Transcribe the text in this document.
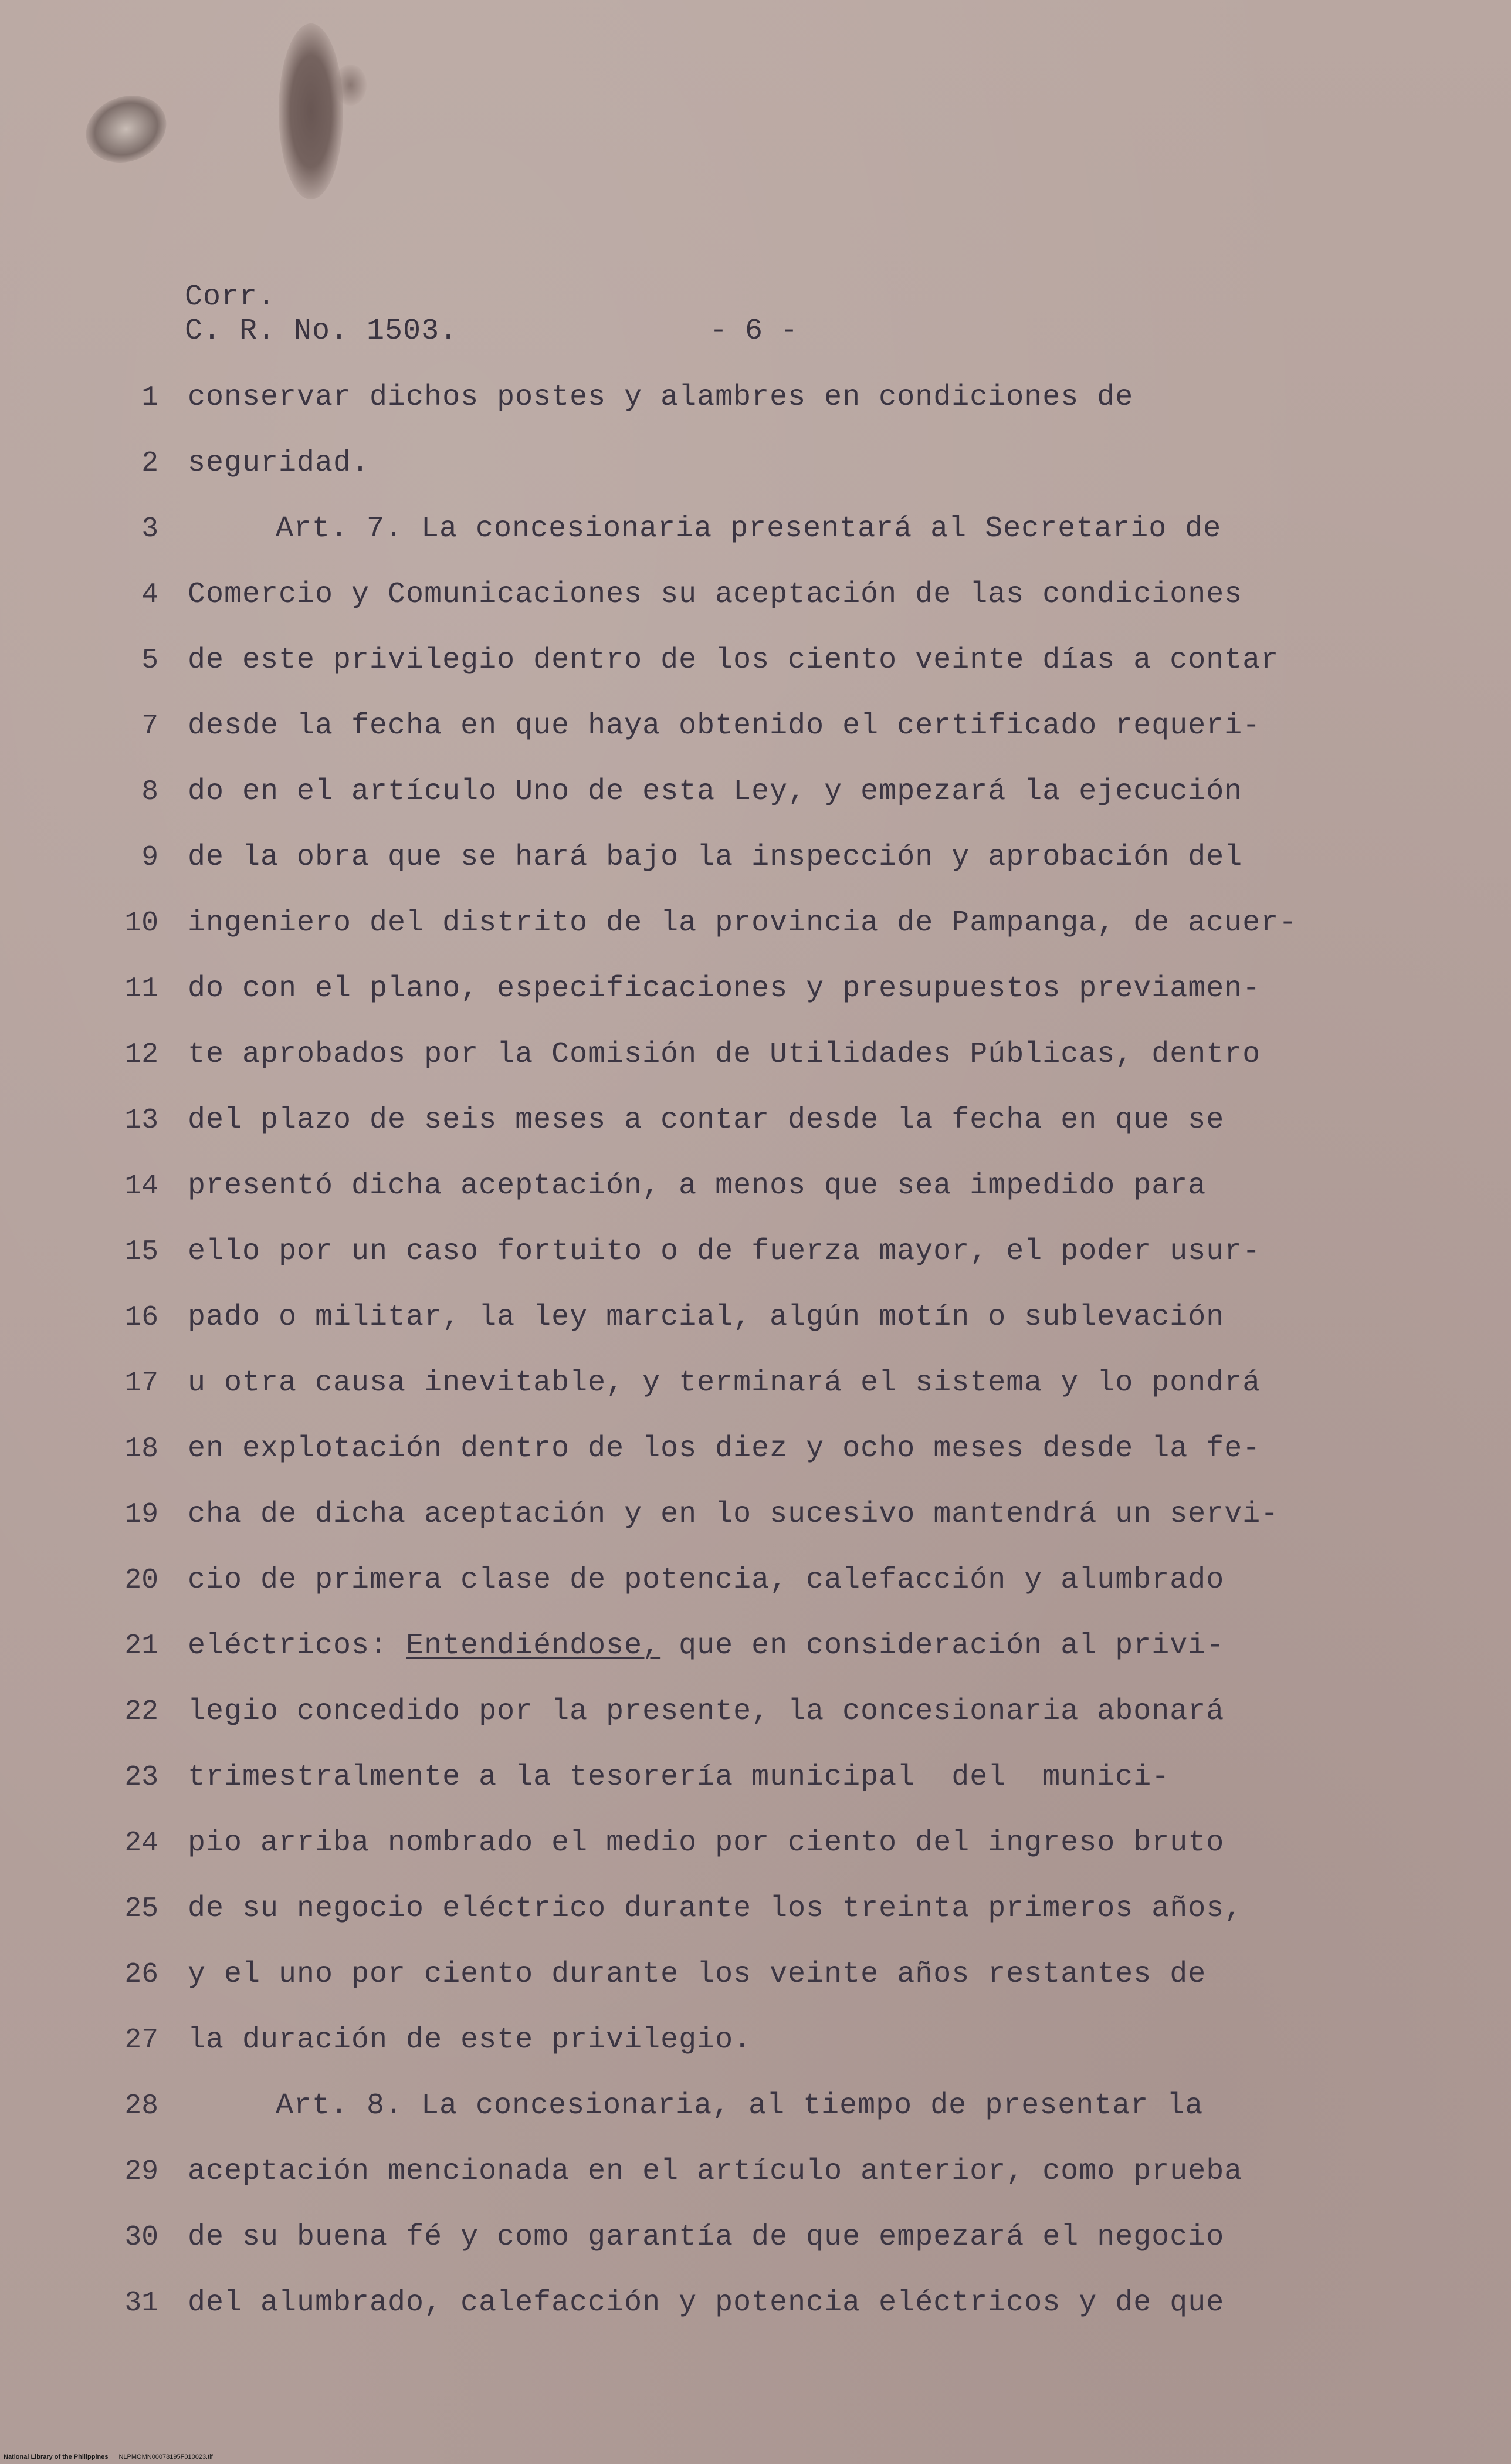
Corr.
C. R. No. 1503.	- 6 -
1 conservar dichos postes y alambres en condiciones de
2 seguridad.
3	Art. 7. La concesionaria presentará al Secretario de
4 Comercio y Comunicaciones su aceptación de las condiciones
5 de este privilegio dentro de los ciento veinte días a contar
7 desde la fecha en que haya obtenido el certificado requeri-
8 do en el artículo Uno de esta Ley, y empezará la ejecución
9 de la obra que se hará bajo la inspección y aprobación del
10 ingeniero del distrito de la provincia de Pampanga, de acuer-
11 do con el plano, especificaciones y presupuestos previamen-
12 te aprobados por la Comisión de Utilidades Públicas, dentro
13 del plazo de seis meses a contar desde la fecha en que se
14 presentó dicha aceptación, a menos que sea impedido para
15 ello por un caso fortuito o de fuerza mayor, el poder usur-
16 pado o militar, la ley marcial, algún motín o sublevación
17 u otra causa inevitable, y terminará el sistema y lo pondrá
18 en explotación dentro de los diez y ocho meses desde la fe-
19 cha de dicha aceptación y en lo sucesivo mantendrá un servi-
20 cio de primera clase de potencia, calefacción y alumbrado
21 eléctricos: Entendiéndose, que en consideración al privi-
22 legio concedido por la presente, la concesionaria abonará
23 trimestralmente a la tesorería municipal  del  munici-
24 pio arriba nombrado el medio por ciento del ingreso bruto
25 de su negocio eléctrico durante los treinta primeros años,
26 y el uno por ciento durante los veinte años restantes de
27 la duración de este privilegio.
28	Art. 8. La concesionaria, al tiempo de presentar la
29 aceptación mencionada en el artículo anterior, como prueba
30 de su buena fé y como garantía de que empezará el negocio
31 del alumbrado, calefacción y potencia eléctricos y de que
National Library of the Philippines NLPMOMN00078195F010023.tif
